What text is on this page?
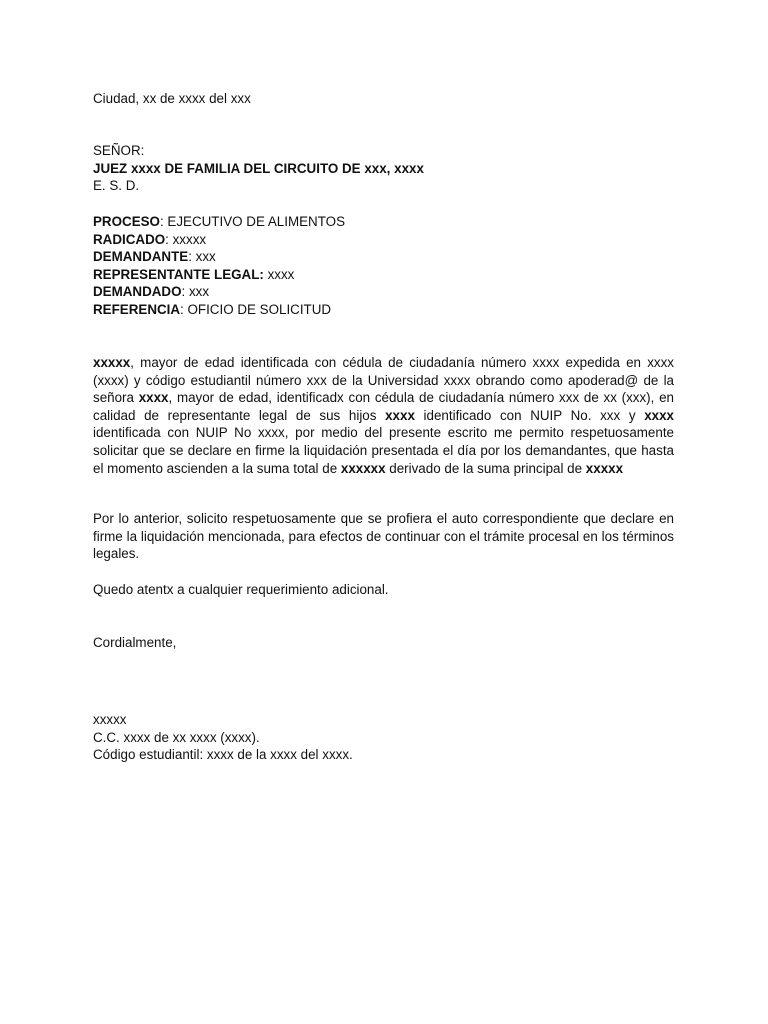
Ciudad, xx de xxxx del xxx
SEÑOR:
JUEZ xxxx DE FAMILIA DEL CIRCUITO DE xxx, xxxx
E. S. D.
PROCESO: EJECUTIVO DE ALIMENTOS
RADICADO: xxxxx
DEMANDANTE: xxx
REPRESENTANTE LEGAL: xxxx
DEMANDADO: xxx
REFERENCIA: OFICIO DE SOLICITUD
xxxxx, mayor de edad identificada con cédula de ciudadanía número xxxx expedida en xxxx (xxxx) y código estudiantil número xxx de la Universidad xxxx obrando como apoderad@ de la señora xxxx, mayor de edad, identificadx con cédula de ciudadanía número xxx de xx (xxx), en calidad de representante legal de sus hijos xxxx identificado con NUIP No. xxx y xxxx identificada con NUIP No xxxx, por medio del presente escrito me permito respetuosamente solicitar que se declare en firme la liquidación presentada el día por los demandantes, que hasta el momento ascienden a la suma total de xxxxxx derivado de la suma principal de xxxxx
Por lo anterior, solicito respetuosamente que se profiera el auto correspondiente que declare en firme la liquidación mencionada, para efectos de continuar con el trámite procesal en los términos legales.
Quedo atentx a cualquier requerimiento adicional.
Cordialmente,
xxxxx
C.C. xxxx de xx xxxx (xxxx).
Código estudiantil: xxxx de la xxxx del xxxx.
